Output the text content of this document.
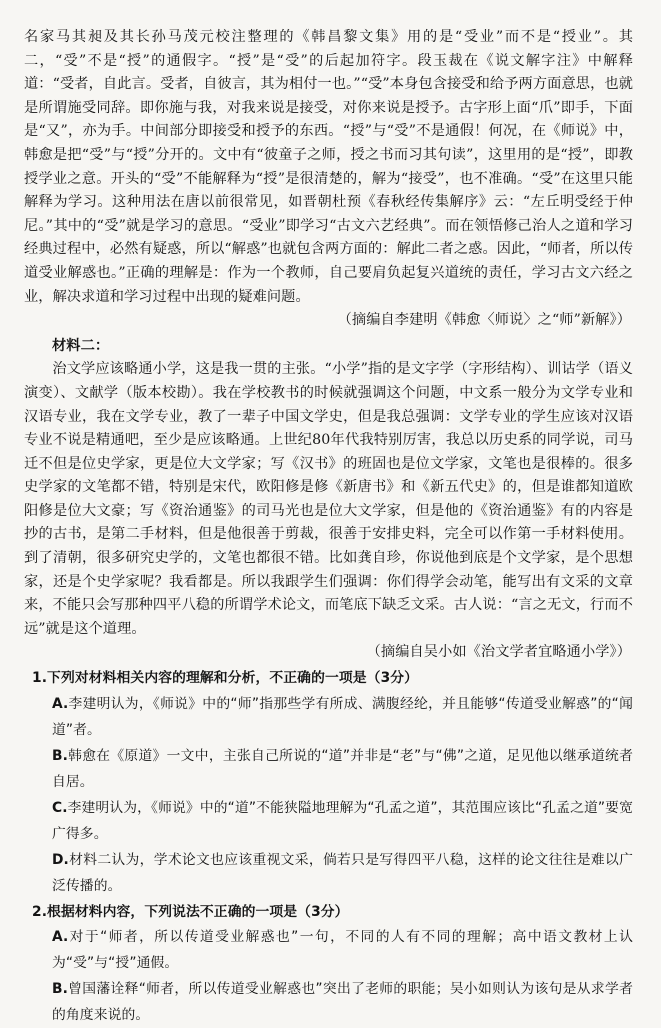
名家马其昶及其长孙马茂元校注整理的《韩昌黎文集》用的是“受业”而不是“授业”。其二，“受”不是“授”的通假字。“授”是“受”的后起加符字。段玉裁在《说文解字注》中解释道：“受者，自此言。受者，自彼言，其为相付一也。”“受”本身包含接受和给予两方面意思，也就是所谓施受同辞。即你施与我，对我来说是接受，对你来说是授予。古字形上面“爪”即手，下面是“又”，亦为手。中间部分即接受和授予的东西。“授”与“受”不是通假！何况，在《师说》中，韩愈是把“受”与“授”分开的。文中有“彼童子之师，授之书而习其句读”，这里用的是“授”，即教授学业之意。开头的“受”不能解释为“授”是很清楚的，解为“接受”，也不准确。“受”在这里只能解释为学习。这种用法在唐以前很常见，如晋朝杜预《春秋经传集解序》云：“左丘明受经于仲尼。”其中的“受”就是学习的意思。“受业”即学习“古文六艺经典”。而在领悟修己治人之道和学习经典过程中，必然有疑惑，所以“解惑”也就包含两方面的：解此二者之惑。因此，“师者，所以传道受业解惑也。”正确的理解是：作为一个教师，自己要肩负起复兴道统的责任，学习古文六经之业，解决求道和学习过程中出现的疑难问题。

（摘编自李建明《韩愈〈师说〉之“师”新解》）

材料二：

治文学应该略通小学，这是我一贯的主张。“小学”指的是文字学（字形结构）、训诂学（语义演变）、文献学（版本校勘）。我在学校教书的时候就强调这个问题，中文系一般分为文学专业和汉语专业，我在文学专业，教了一辈子中国文学史，但是我总强调：文学专业的学生应该对汉语专业不说是精通吧，至少是应该略通。上世纪80年代我特别厉害，我总以历史系的同学说，司马迁不但是位史学家，更是位大文学家；写《汉书》的班固也是位文学家，文笔也是很棒的。很多史学家的文笔都不错，特别是宋代，欧阳修是修《新唐书》和《新五代史》的，但是谁都知道欧阳修是位大文豪；写《资治通鉴》的司马光也是位大文学家，但是他的《资治通鉴》有的内容是抄的古书，是第二手材料，但是他很善于剪裁，很善于安排史料，完全可以作第一手材料使用。到了清朝，很多研究史学的，文笔也都很不错。比如龚自珍，你说他到底是个文学家，是个思想家，还是个史学家呢？我看都是。所以我跟学生们强调：你们得学会动笔，能写出有文采的文章来，不能只会写那种四平八稳的所谓学术论文，而笔底下缺乏文采。古人说：“言之无文，行而不远”就是这个道理。

（摘编自吴小如《治文学者宜略通小学》）

1.下列对材料相关内容的理解和分析，不正确的一项是（3分）

A.李建明认为，《师说》中的“师”指那些学有所成、满腹经纶，并且能够“传道受业解惑”的“闻道”者。

B.韩愈在《原道》一文中，主张自己所说的“道”并非是“老”与“佛”之道，足见他以继承道统者自居。

C.李建明认为，《师说》中的“道”不能狭隘地理解为“孔孟之道”，其范围应该比“孔孟之道”要宽广得多。

D.材料二认为，学术论文也应该重视文采，倘若只是写得四平八稳，这样的论文往往是难以广泛传播的。

2.根据材料内容，下列说法不正确的一项是（3分）

A.对于“师者，所以传道受业解惑也”一句，不同的人有不同的理解；高中语文教材上认为“受”与“授”通假。

B.曾国藩诠释“师者，所以传道受业解惑也”突出了老师的职能；吴小如则认为该句是从求学者的角度来说的。
